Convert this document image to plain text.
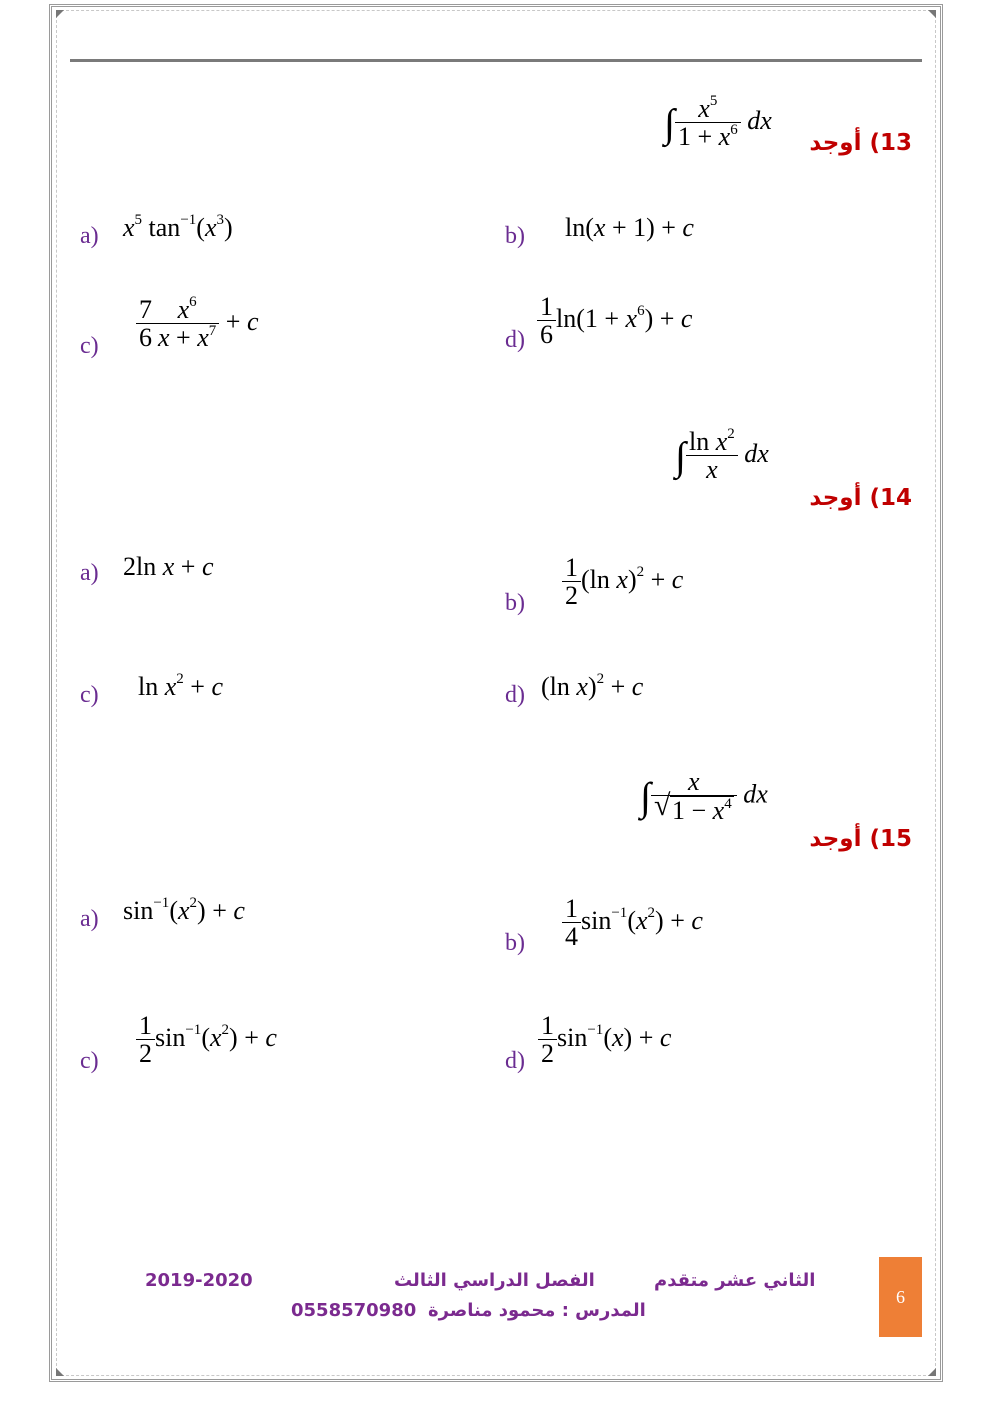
13) أوجد
∫ $\frac{x^5}{1 + x^6}$ dx
a) $x^5$ $\tan^{-1}(x^3)$	b) ln(x + 1) + c
$c) \frac{7}{6} \frac{x^6}{x + x^7} + c$
$d) \frac{1}{6} \ln(1 + x^6) + c$
14) أوجد
∫ $\frac{\ln x^2}{x}$ dx
a) 2ln x + c
$b) \frac{1}{2} (\ln$ x)$^2$ + c
c) $\ln x^2 + c$	d) (ln x)$^2$ + c
15) أوجد
∫ $\frac{x}{√ 1 - x^4}$ dx
a) $\sin^{-1}(x^2) + c$
$b) \frac{1}{4} \sin^{-1}(x^2) + c$
$c) \frac{1}{2} \sin^{-1}(x^2) + c$
$d) \frac{1}{2} \sin^{-1}(x) + c$
الثاني عشر متقدم
الفصل الدراسي الثالث
2019-2020
المدرس : محمود مناصرة
0558570980
6
